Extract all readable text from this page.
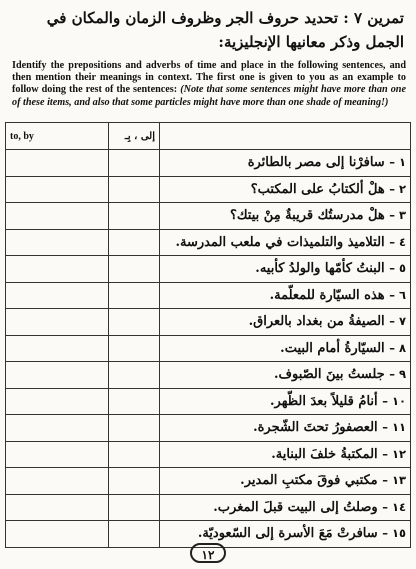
تمرين ٧ : تحديد حروف الجر وظروف الزمان والمكان في الجمل وذكر معانيها الإنجليزية:
Identify the prepositions and adverbs of time and place in the following sentences, and then mention their meanings in context. The first one is given to you as an example to follow doing the rest of the sentences: (Note that some sentences might have more than one of these items, and also that some particles might have more than one shade of meaning!)
to, by	إلى ، بِـ	
		١ – سافرْنا إلى مصر بالطائرة
		٢ – هلْ ألكتابُ على المكتب؟
		٣ – هلْ مدرستُك قريبةٌ مِنْ بيتك؟
		٤ – التلاميذ والتلميذات في ملعب المدرسة.
		٥ – البنتُ كأمّها والولدُ كأبيه.
		٦ – هذه السيّارة للمعلّمة.
		٧ – الصيفةُ من بغداد بالعراق.
		٨ – السيّارةُ أمام البيت.
		٩ – جلستُ بينَ الصّبوف.
		١٠ – أنامُ قليلاً بعدَ الظّهر.
		١١ – العصفورُ تحتَ الشّجرة.
		١٢ – المكتبةُ خلفَ البناية.
		١٣ – مكتبي فوقَ مكتبِ المدير.
		١٤ – وصلتُ إلى البيت قبلَ المغرب.
		١٥ – سافرتْ مَعَ الأسرة إلى السّعوديّة.
١٢
